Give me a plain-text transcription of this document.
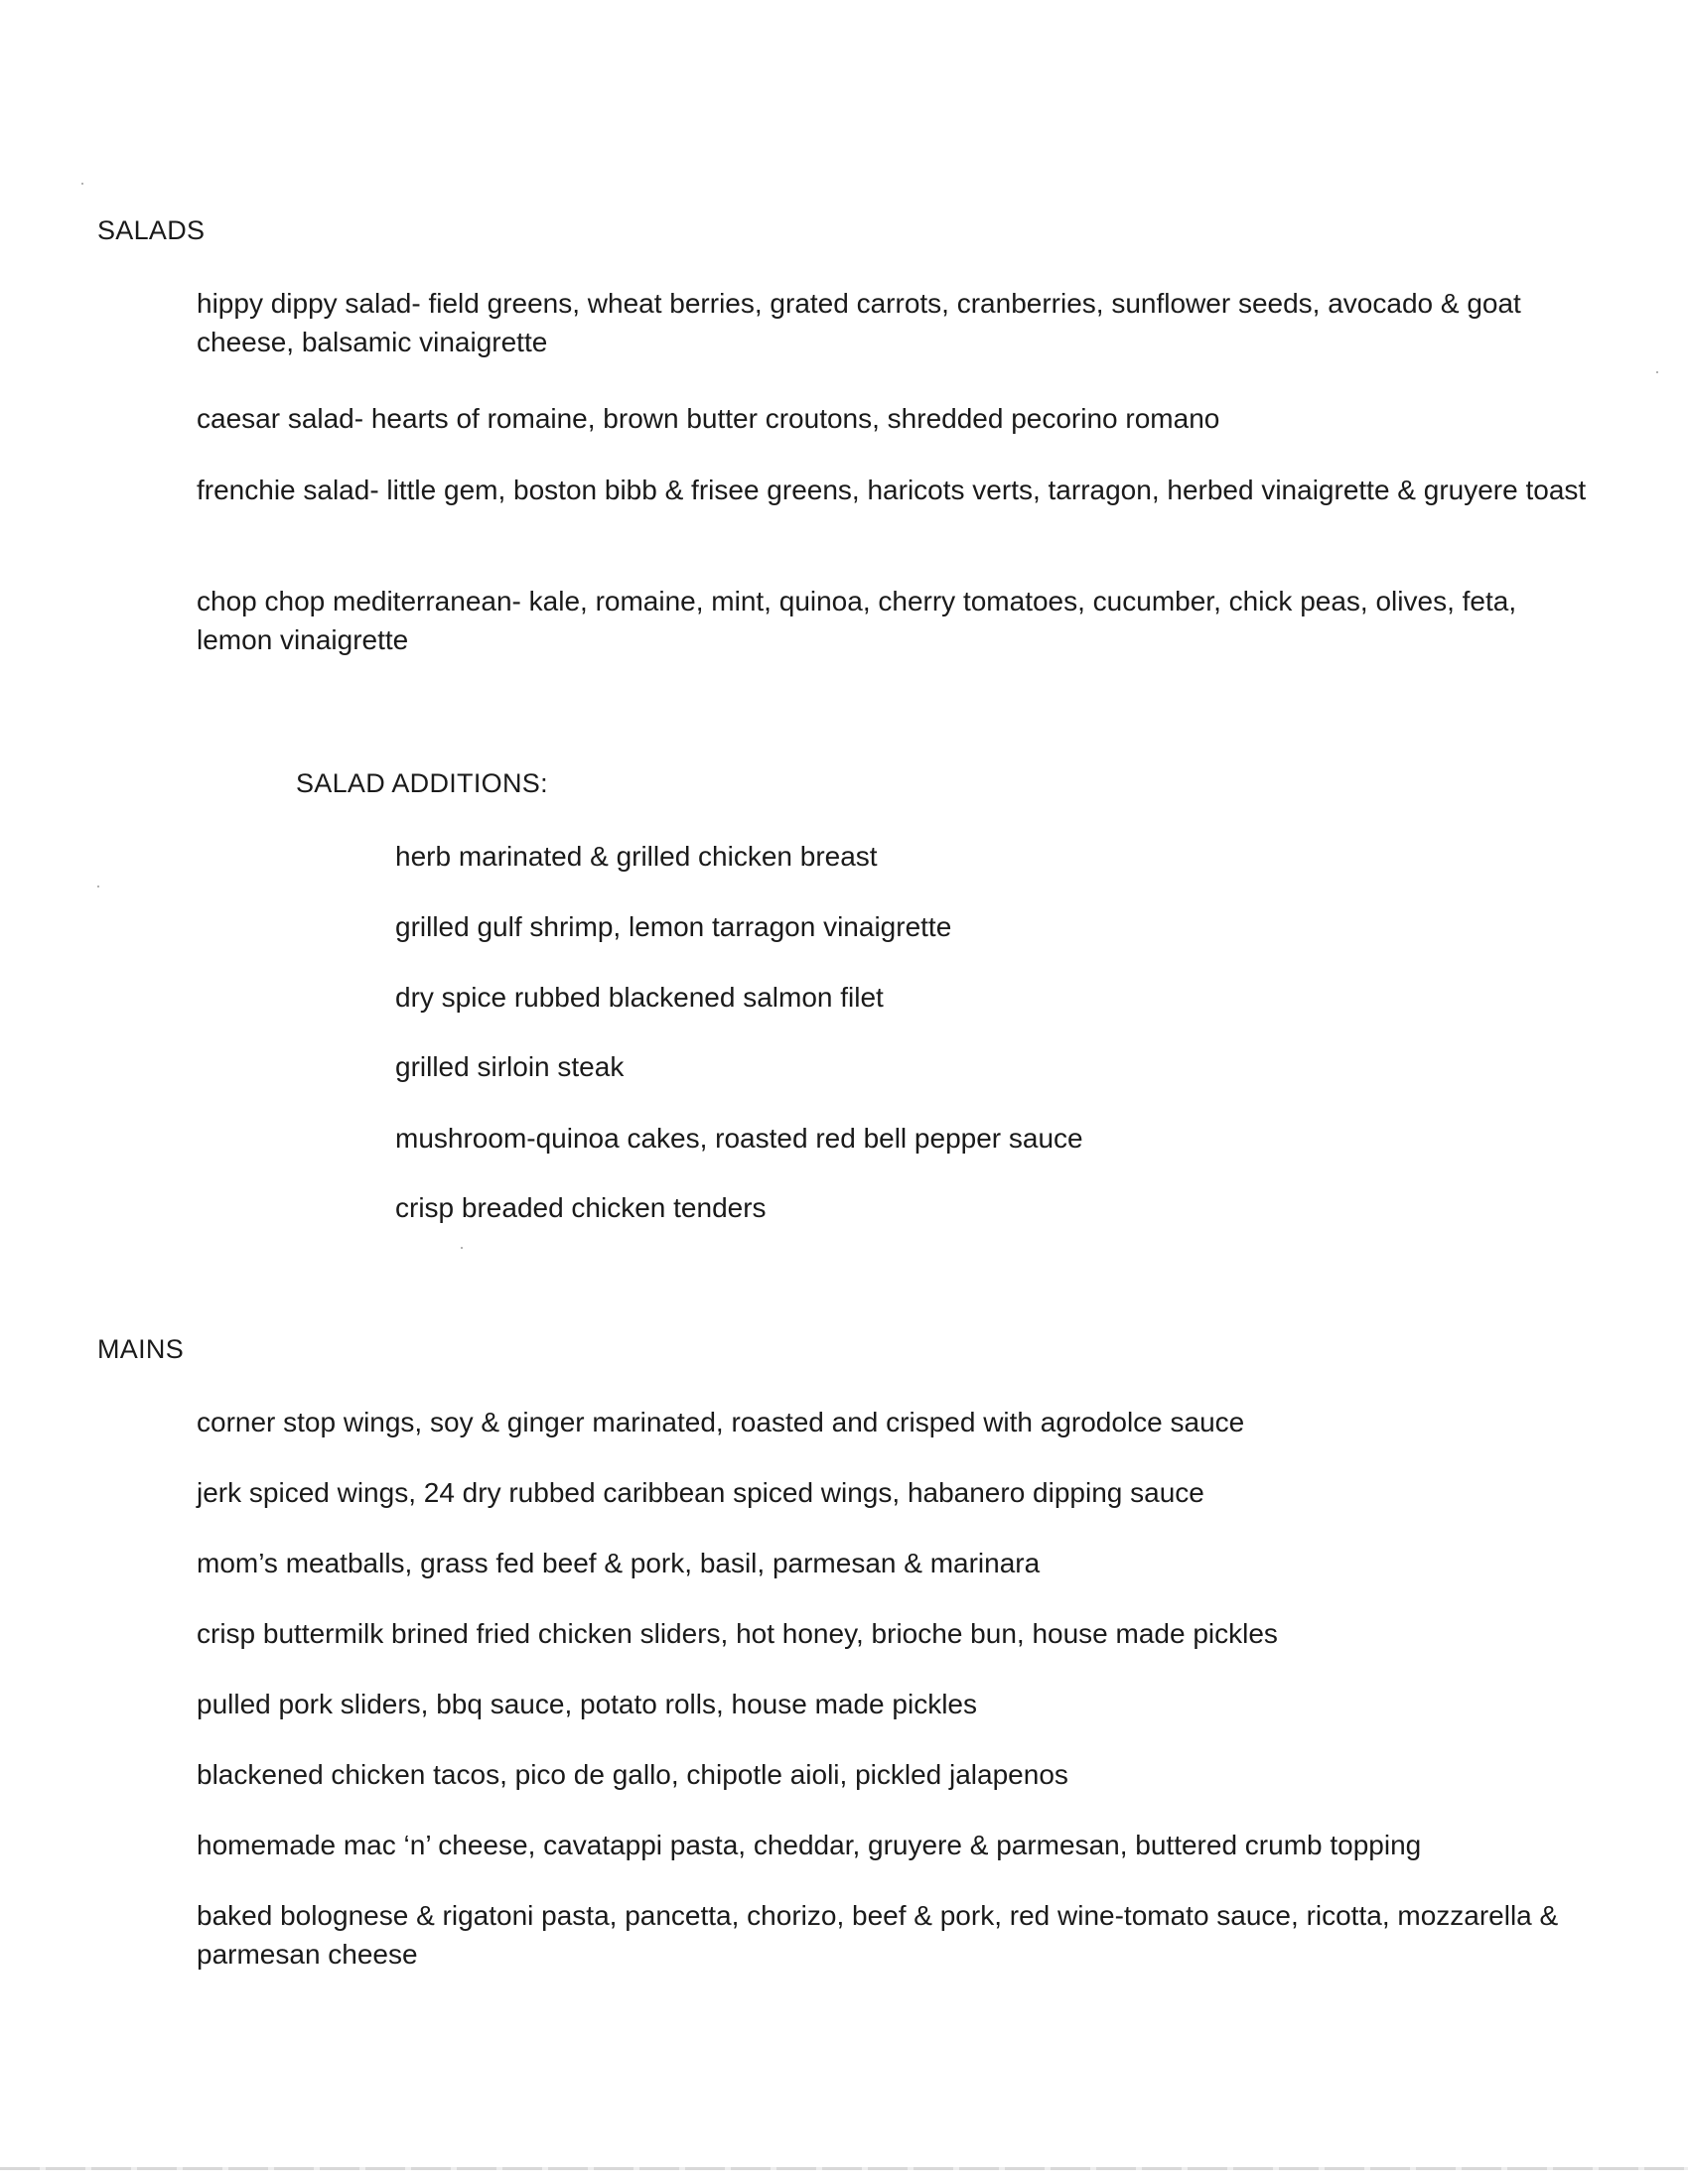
SALADS
hippy dippy salad- field greens, wheat berries, grated carrots, cranberries, sunflower seeds, avocado & goat cheese, balsamic vinaigrette
caesar salad- hearts of romaine, brown butter croutons, shredded pecorino romano
frenchie salad- little gem, boston bibb & frisee greens, haricots verts, tarragon, herbed vinaigrette & gruyere toast
chop chop mediterranean- kale, romaine, mint, quinoa, cherry tomatoes, cucumber, chick peas, olives, feta, lemon vinaigrette
SALAD ADDITIONS:
herb marinated & grilled chicken breast
grilled gulf shrimp, lemon tarragon vinaigrette
dry spice rubbed blackened salmon filet
grilled sirloin steak
mushroom-quinoa cakes, roasted red bell pepper sauce
crisp breaded chicken tenders
MAINS
corner stop wings, soy & ginger marinated, roasted and crisped with agrodolce sauce
jerk spiced wings, 24 dry rubbed caribbean spiced wings, habanero dipping sauce
mom’s meatballs, grass fed beef & pork, basil, parmesan & marinara
crisp buttermilk brined fried chicken sliders, hot honey, brioche bun, house made pickles
pulled pork sliders, bbq sauce, potato rolls, house made pickles
blackened chicken tacos, pico de gallo, chipotle aioli, pickled jalapenos
homemade mac ‘n’ cheese, cavatappi pasta, cheddar, gruyere & parmesan, buttered crumb topping
baked bolognese & rigatoni pasta, pancetta, chorizo, beef & pork, red wine-tomato sauce, ricotta, mozzarella & parmesan cheese
